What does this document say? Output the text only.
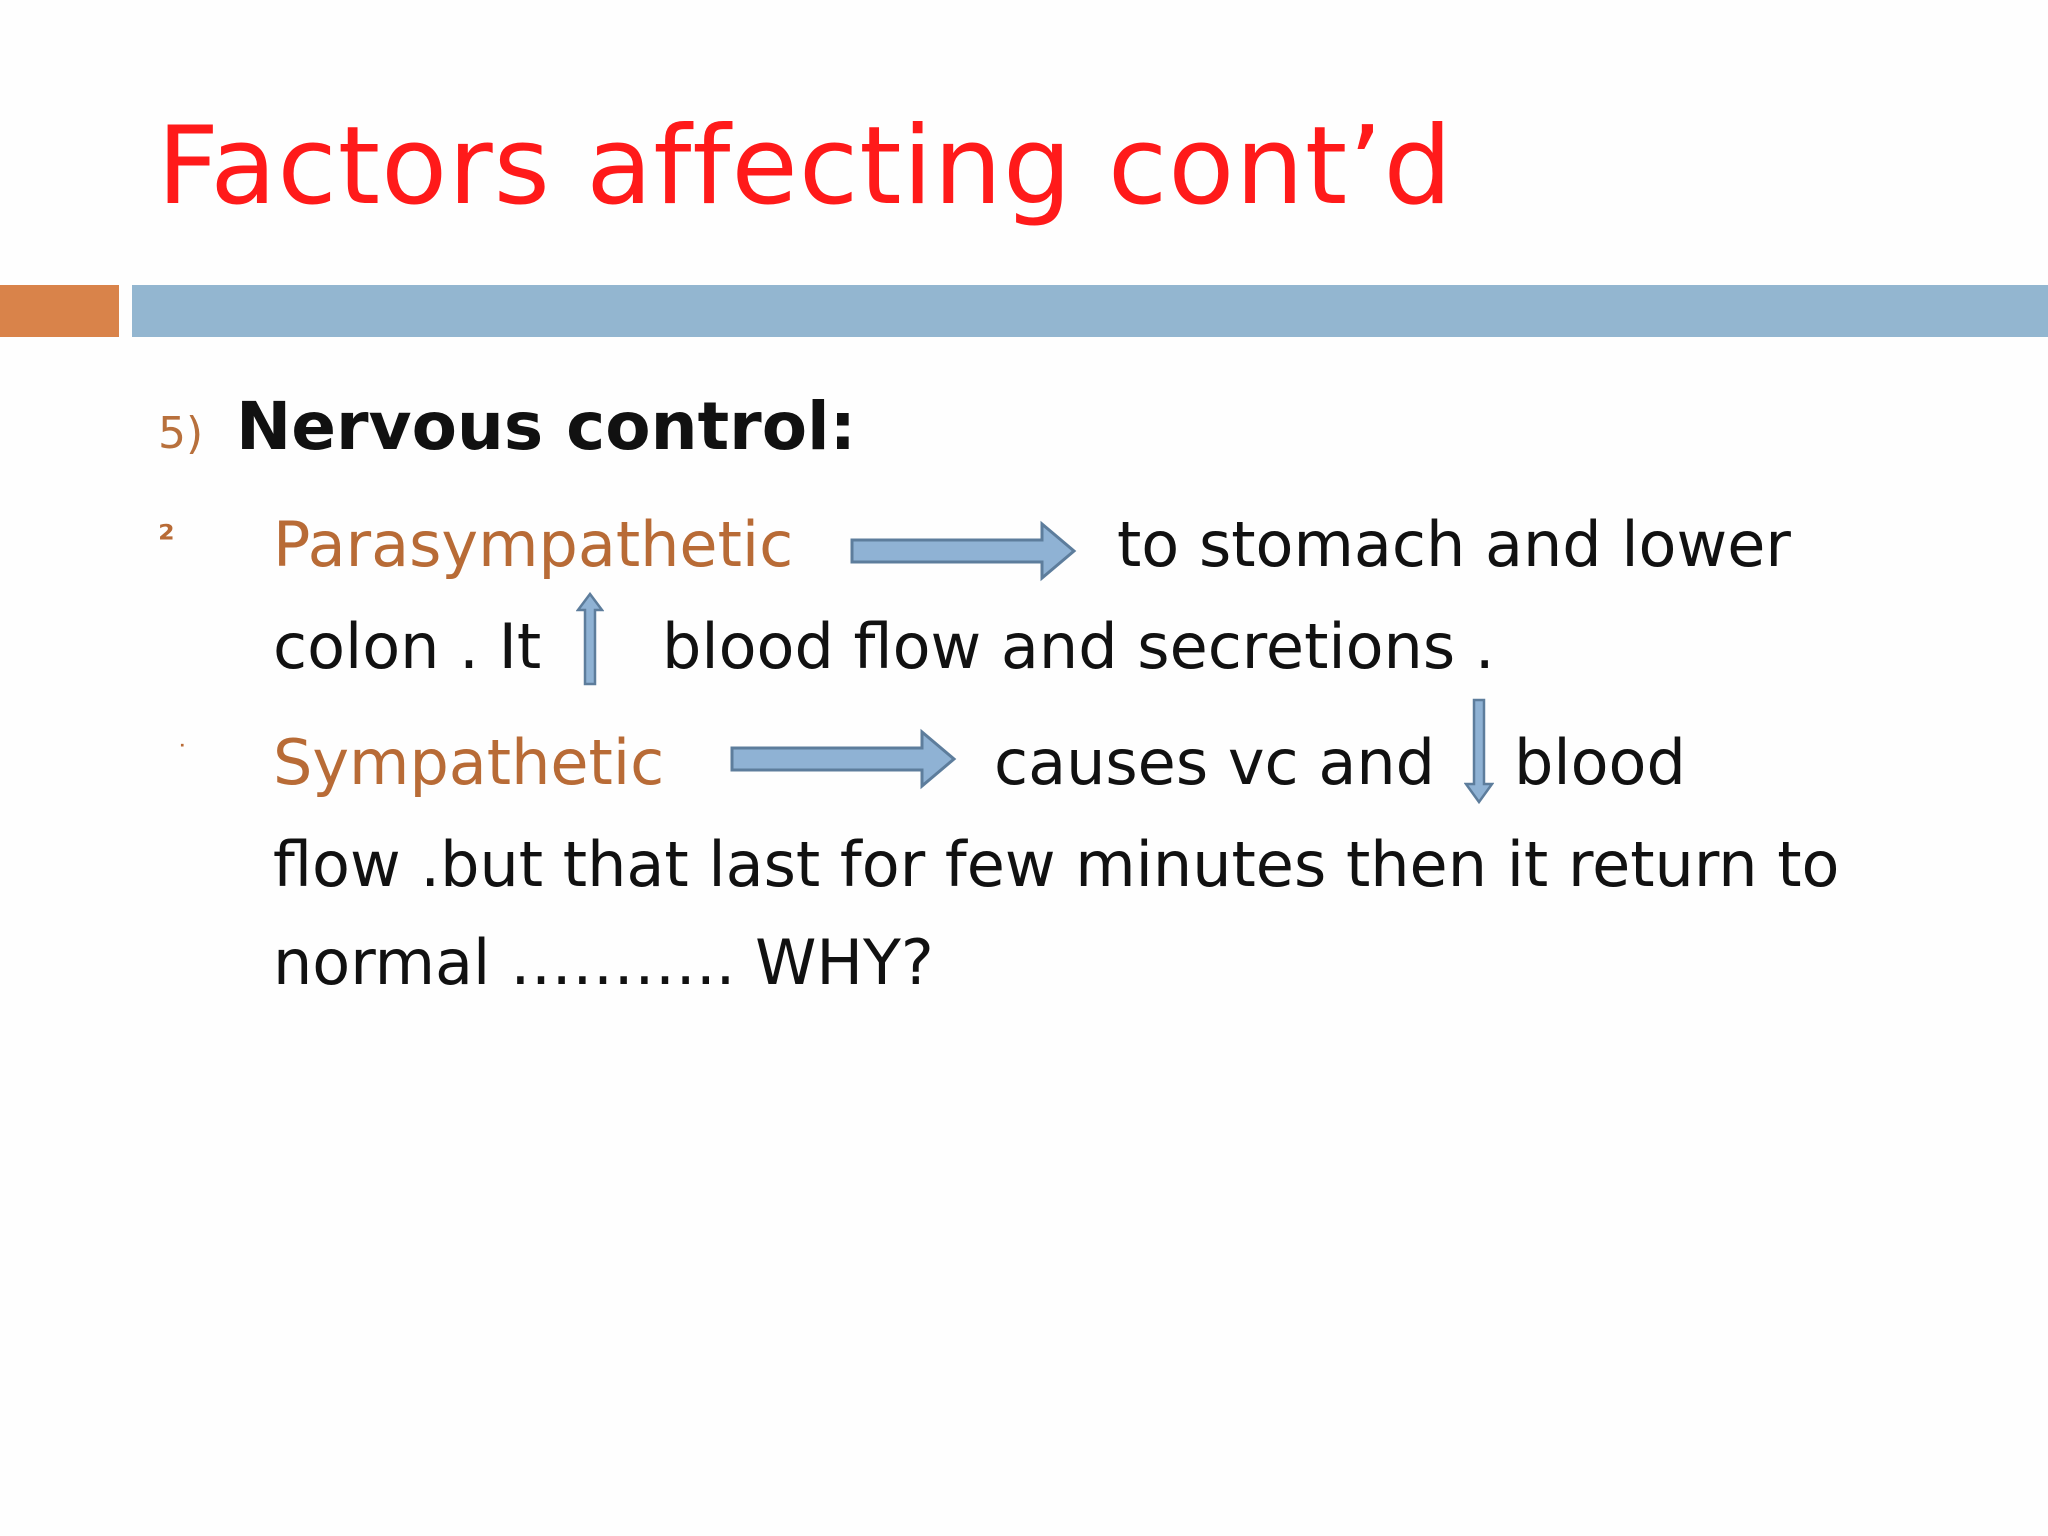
Factors affecting cont’d
5) Nervous control:
² Parasympathetic	to stomach and lower
colon . It blood flow and secretions .
Sympathetic	causes vc and blood
flow .but that last for few minutes then it return to
normal ……….. WHY?
